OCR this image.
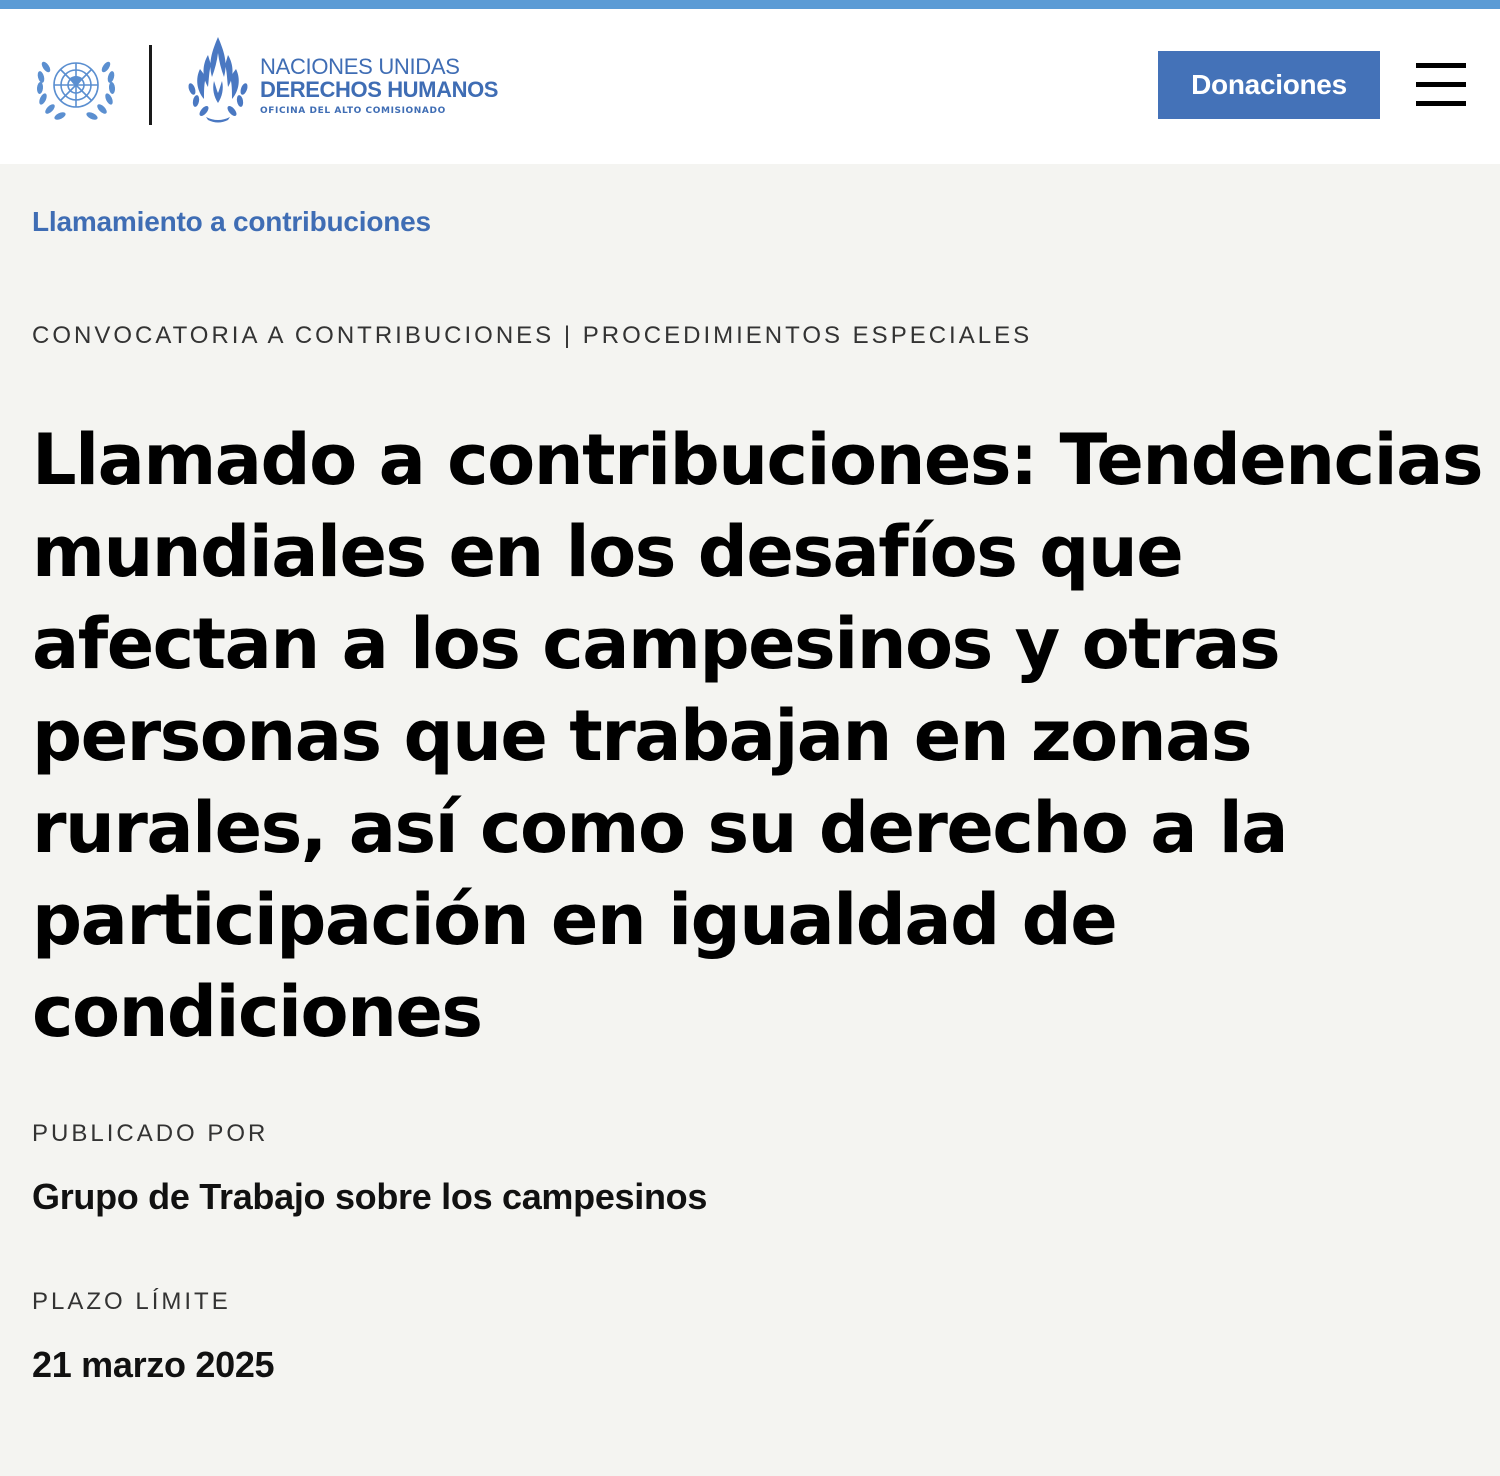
NACIONES UNIDAS
DERECHOS HUMANOS
OFICINA DEL ALTO COMISIONADO
Donaciones
Llamamiento a contribuciones
CONVOCATORIA A CONTRIBUCIONES | PROCEDIMIENTOS ESPECIALES
Llamado a contribuciones: Tendencias mundiales en los desafíos que afectan a los campesinos y otras personas que trabajan en zonas rurales, así como su derecho a la participación en igualdad de condiciones
PUBLICADO POR
Grupo de Trabajo sobre los campesinos
PLAZO LÍMITE
21 marzo 2025
